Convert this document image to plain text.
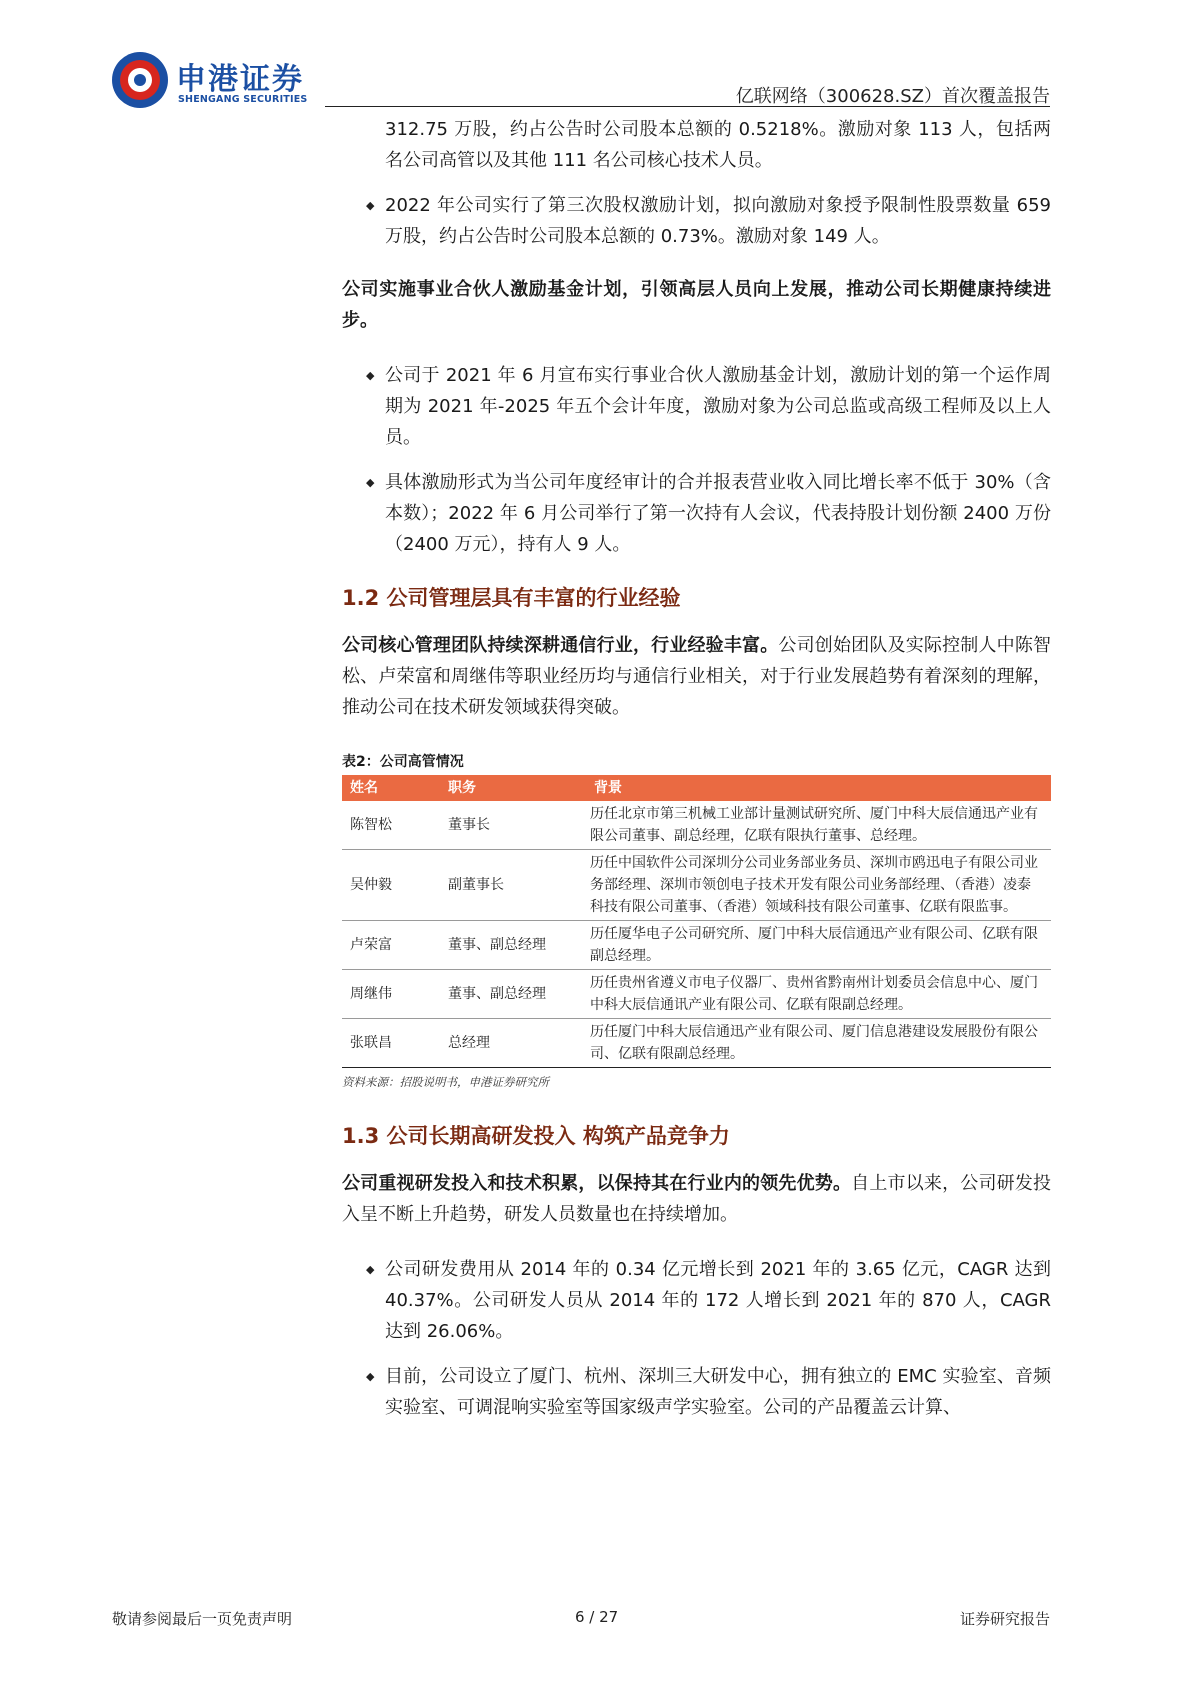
申港证券
SHENGANG SECURITIES	亿联网络（300628.SZ）首次覆盖报告

312.75 万股，约占公告时公司股本总额的 0.5218%。激励对象 113 人，包括两名公司高管以及其他 111 名公司核心技术人员。

◆ 2022 年公司实行了第三次股权激励计划，拟向激励对象授予限制性股票数量 659 万股，约占公告时公司股本总额的 0.73%。激励对象 149 人。

公司实施事业合伙人激励基金计划，引领高层人员向上发展，推动公司长期健康持续进步。

◆ 公司于 2021 年 6 月宣布实行事业合伙人激励基金计划，激励计划的第一个运作周期为 2021 年-2025 年五个会计年度，激励对象为公司总监或高级工程师及以上人员。

◆ 具体激励形式为当公司年度经审计的合并报表营业收入同比增长率不低于 30%（含本数）；2022 年 6 月公司举行了第一次持有人会议，代表持股计划份额 2400 万份（2400 万元），持有人 9 人。

1.2 公司管理层具有丰富的行业经验

公司核心管理团队持续深耕通信行业，行业经验丰富。公司创始团队及实际控制人中陈智松、卢荣富和周继伟等职业经历均与通信行业相关，对于行业发展趋势有着深刻的理解，推动公司在技术研发领域获得突破。

表2：公司高管情况
姓名	职务	背景
陈智松	董事长	历任北京市第三机械工业部计量测试研究所、厦门中科大辰信通迅产业有限公司董事、副总经理，亿联有限执行董事、总经理。
吴仲毅	副董事长	历任中国软件公司深圳分公司业务部业务员、深圳市鸥迅电子有限公司业务部经理、深圳市领创电子技术开发有限公司业务部经理、（香港）凌泰科技有限公司董事、（香港）领域科技有限公司董事、亿联有限监事。
卢荣富	董事、副总经理	历任厦华电子公司研究所、厦门中科大辰信通迅产业有限公司、亿联有限副总经理。
周继伟	董事、副总经理	历任贵州省遵义市电子仪器厂、贵州省黔南州计划委员会信息中心、厦门中科大辰信通讯产业有限公司、亿联有限副总经理。
张联昌	总经理	历任厦门中科大辰信通迅产业有限公司、厦门信息港建设发展股份有限公司、亿联有限副总经理。
资料来源：招股说明书，申港证券研究所
1.3 公司长期高研发投入 构筑产品竞争力

公司重视研发投入和技术积累，以保持其在行业内的领先优势。自上市以来，公司研发投入呈不断上升趋势，研发人员数量也在持续增加。

◆ 公司研发费用从 2014 年的 0.34 亿元增长到 2021 年的 3.65 亿元，CAGR 达到 40.37%。公司研发人员从 2014 年的 172 人增长到 2021 年的 870 人，CAGR 达到 26.06%。

◆ 目前，公司设立了厦门、杭州、深圳三大研发中心，拥有独立的 EMC 实验室、音频实验室、可调混响实验室等国家级声学实验室。公司的产品覆盖云计算、

敬请参阅最后一页免责声明	6 / 27	证券研究报告
